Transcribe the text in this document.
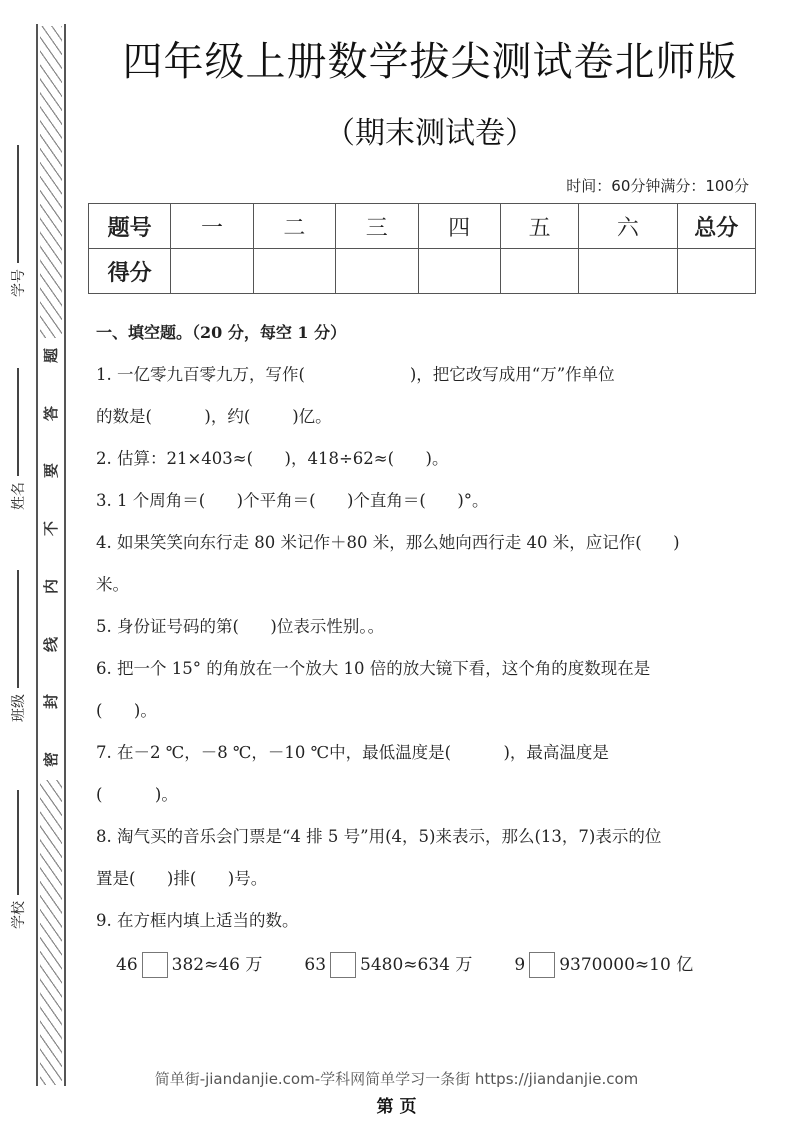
题
答
要
不
内
线
封
密
学号
姓名
班级
学校
四年级上册数学拔尖测试卷北师版
（期末测试卷）
时间：60分钟满分：100分
题号	一	二	三	四	五	六	总分
得分							
一、填空题。（20 分，每空 1 分）
1. 一亿零九百零九万，写作(                    )，把它改写成用“万”作单位
的数是(          )，约(        )亿。
2. 估算：21×403≈(      )，418÷62≈(      )。
3. 1 个周角＝(      )个平角＝(      )个直角＝(      )°。
4. 如果笑笑向东行走 80 米记作＋80 米，那么她向西行走 40 米，应记作(      )
米。
5. 身份证号码的第(      )位表示性别。。
6. 把一个 15° 的角放在一个放大 10 倍的放大镜下看，这个角的度数现在是
(      )。
7. 在－2 ℃，－8 ℃，－10 ℃中，最低温度是(          )，最高温度是
(          )。
8. 淘气买的音乐会门票是“4 排 5 号”用(4，5)来表示，那么(13，7)表示的位
置是(      )排(      )号。
9. 在方框内填上适当的数。
46 382≈46 万 63 5480≈634 万 9 9370000≈10 亿
简单街-jiandanjie.com-学科网简单学习一条街 https://jiandanjie.com
第 页
